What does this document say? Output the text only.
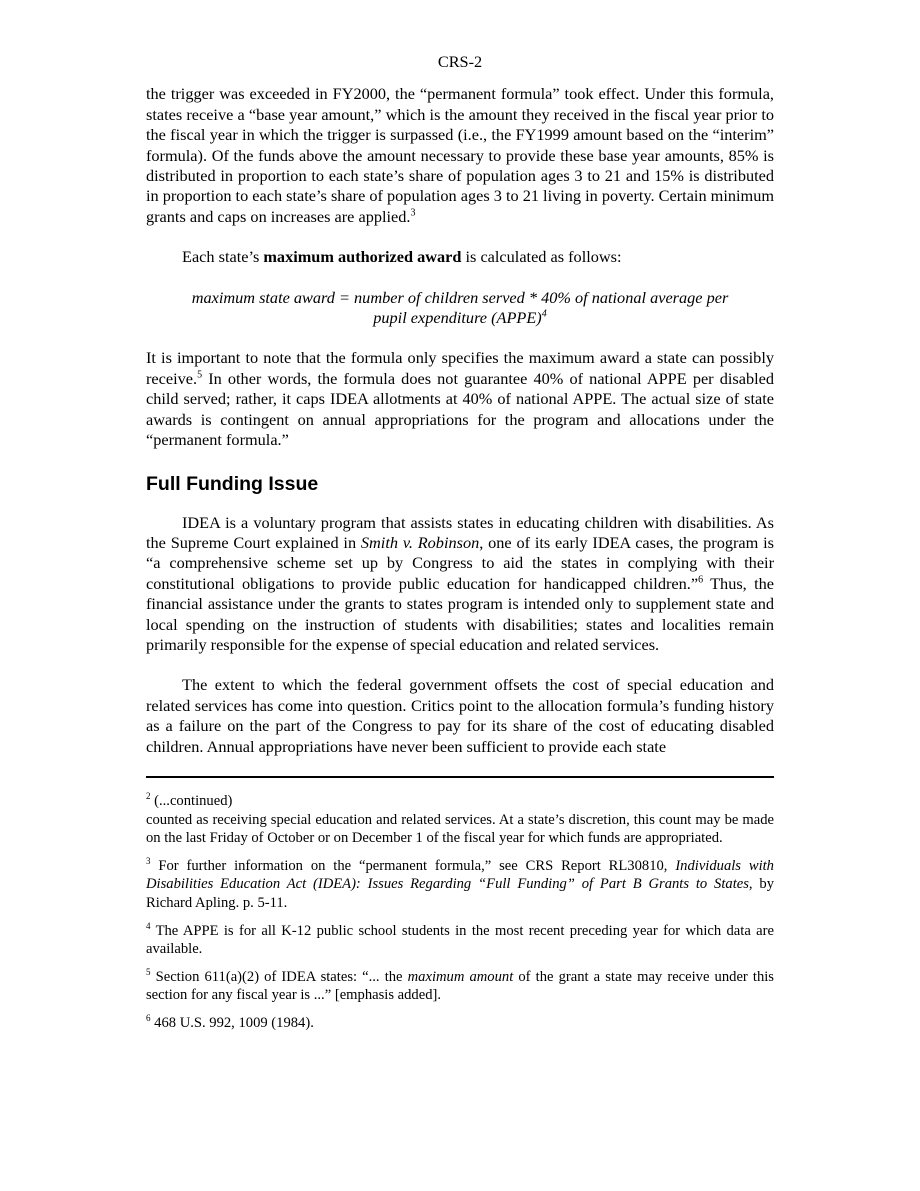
CRS-2

the trigger was exceeded in FY2000, the “permanent formula” took effect. Under this formula, states receive a “base year amount,” which is the amount they received in the fiscal year prior to the fiscal year in which the trigger is surpassed (i.e., the FY1999 amount based on the “interim” formula). Of the funds above the amount necessary to provide these base year amounts, 85% is distributed in proportion to each state’s share of population ages 3 to 21 and 15% is distributed in proportion to each state’s share of population ages 3 to 21 living in poverty. Certain minimum grants and caps on increases are applied.$^3$

Each state’s maximum authorized award is calculated as follows:

maximum state award = number of children served * 40% of national average per
pupil expenditure (APPE)$^4$

It is important to note that the formula only specifies the maximum award a state can possibly receive.$^5$ In other words, the formula does not guarantee 40% of national APPE per disabled child served; rather, it caps IDEA allotments at 40% of national APPE. The actual size of state awards is contingent on annual appropriations for the program and allocations under the “permanent formula.”

Full Funding Issue

IDEA is a voluntary program that assists states in educating children with disabilities. As the Supreme Court explained in Smith v. Robinson, one of its early IDEA cases, the program is “a comprehensive scheme set up by Congress to aid the states in complying with their constitutional obligations to provide public education for handicapped children.”$^6$ Thus, the financial assistance under the grants to states program is intended only to supplement state and local spending on the instruction of students with disabilities; states and localities remain primarily responsible for the expense of special education and related services.

The extent to which the federal government offsets the cost of special education and related services has come into question. Critics point to the allocation formula’s funding history as a failure on the part of the Congress to pay for its share of the cost of educating disabled children. Annual appropriations have never been sufficient to provide each state

$^2$ (...continued)
counted as receiving special education and related services. At a state’s discretion, this count may be made on the last Friday of October or on December 1 of the fiscal year for which funds are appropriated.
$^3$ For further information on the “permanent formula,” see CRS Report RL30810, Individuals with Disabilities Education Act (IDEA): Issues Regarding “Full Funding” of Part B Grants to States, by Richard Apling. p. 5-11.
$^4$ The APPE is for all K-12 public school students in the most recent preceding year for which data are available.
$^5$ Section 611(a)(2) of IDEA states: “... the maximum amount of the grant a state may receive under this section for any fiscal year is ...” [emphasis added].
$^6$ 468 U.S. 992, 1009 (1984).
